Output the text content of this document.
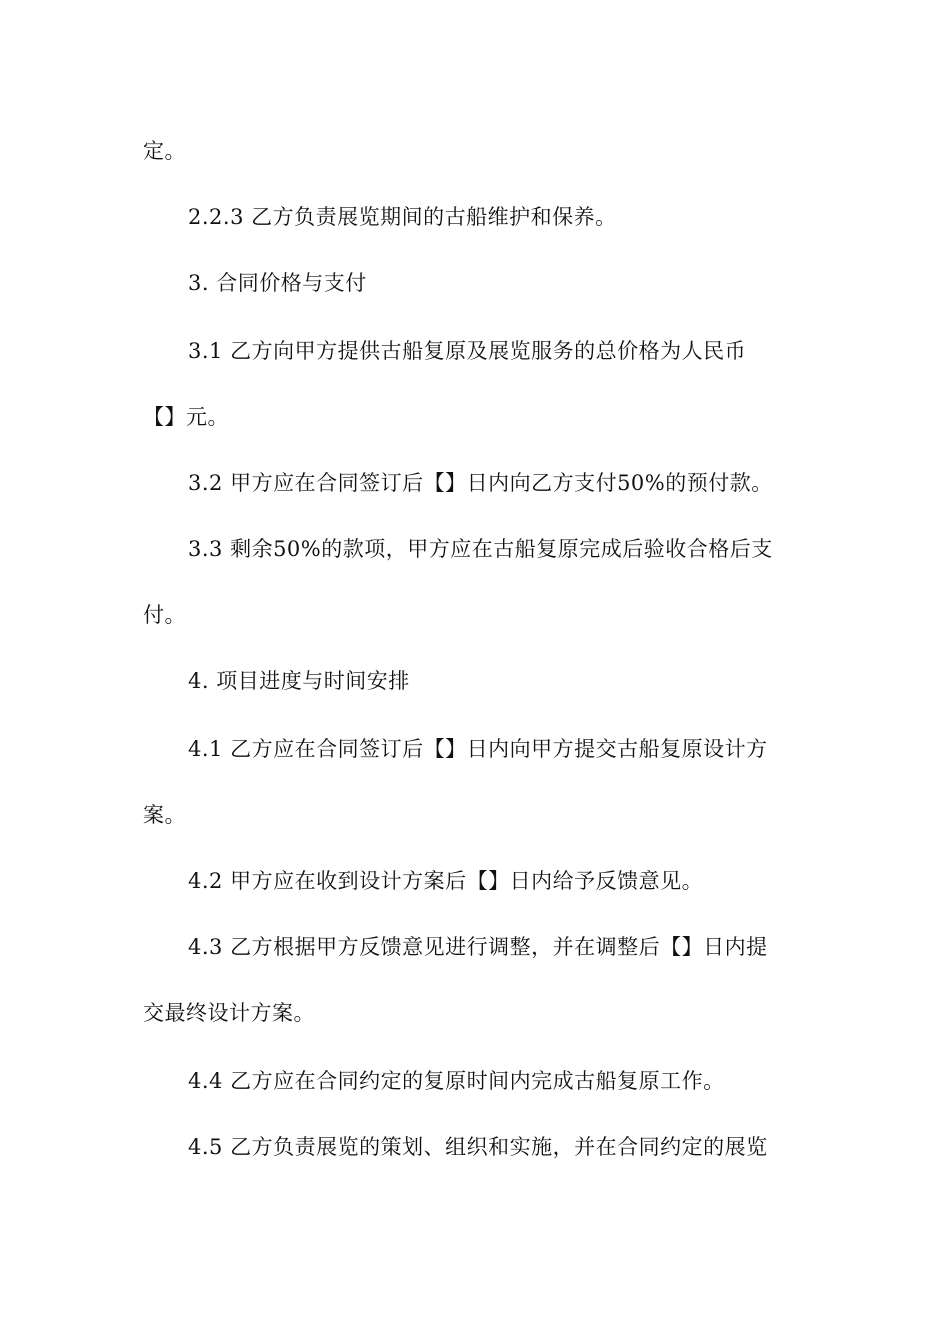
定。
2.2.3 乙方负责展览期间的古船维护和保养。
3. 合同价格与支付
3.1 乙方向甲方提供古船复原及展览服务的总价格为人民币
【】元。
3.2 甲方应在合同签订后【】日内向乙方支付50%的预付款。
3.3 剩余50%的款项，甲方应在古船复原完成后验收合格后支
付。
4. 项目进度与时间安排
4.1 乙方应在合同签订后【】日内向甲方提交古船复原设计方
案。
4.2 甲方应在收到设计方案后【】日内给予反馈意见。
4.3 乙方根据甲方反馈意见进行调整，并在调整后【】日内提
交最终设计方案。
4.4 乙方应在合同约定的复原时间内完成古船复原工作。
4.5 乙方负责展览的策划、组织和实施，并在合同约定的展览
